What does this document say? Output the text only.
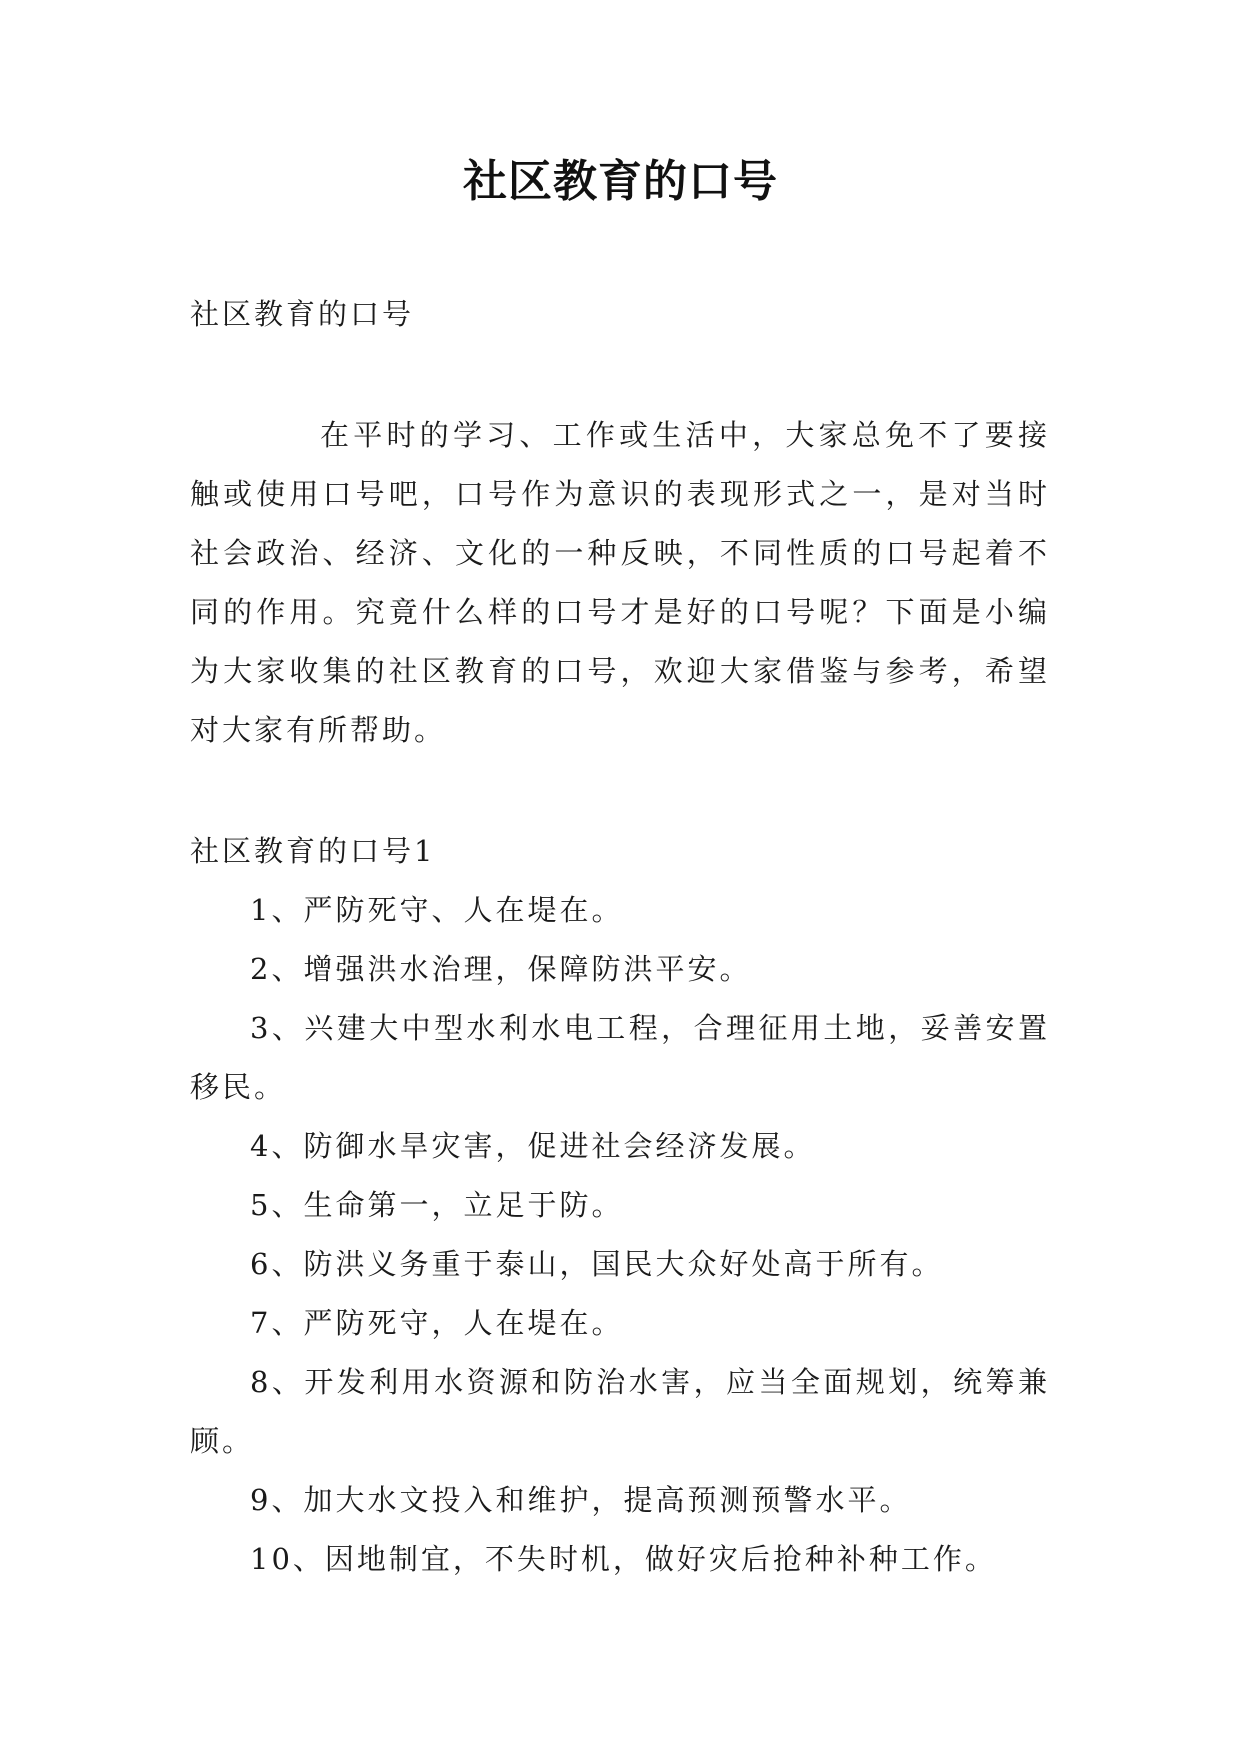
社区教育的口号

社区教育的口号

在平时的学习、工作或生活中，大家总免不了要接触或使用口号吧，口号作为意识的表现形式之一，是对当时社会政治、经济、文化的一种反映，不同性质的口号起着不同的作用。究竟什么样的口号才是好的口号呢？下面是小编为大家收集的社区教育的口号，欢迎大家借鉴与参考，希望对大家有所帮助。

社区教育的口号1

1、严防死守、人在堤在。

2、增强洪水治理，保障防洪平安。

3、兴建大中型水利水电工程，合理征用土地，妥善安置移民。

4、防御水旱灾害，促进社会经济发展。

5、生命第一，立足于防。

6、防洪义务重于泰山，国民大众好处高于所有。

7、严防死守，人在堤在。

8、开发利用水资源和防治水害，应当全面规划，统筹兼顾。

9、加大水文投入和维护，提高预测预警水平。

10、因地制宜，不失时机，做好灾后抢种补种工作。
